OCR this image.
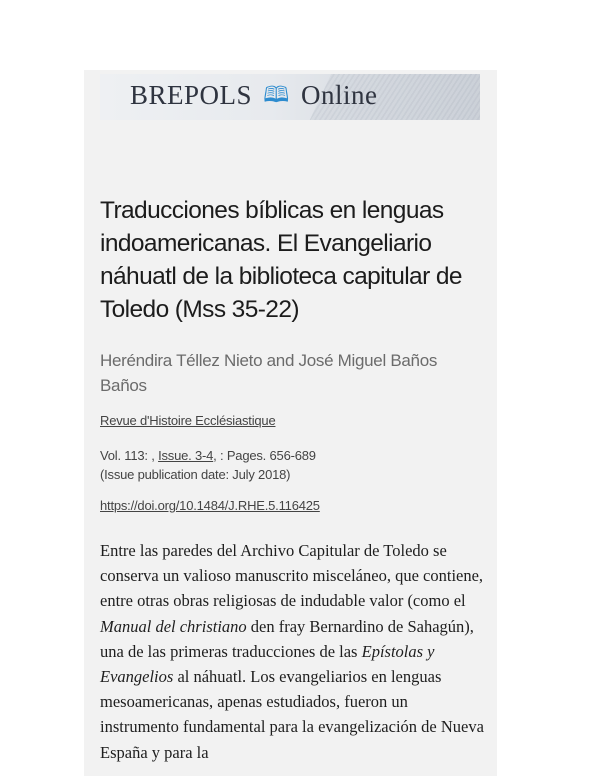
BREPOLS 🕮 Online
Traducciones bíblicas en lenguas indoamericanas. El Evangeliario náhuatl de la biblioteca capitular de Toledo (Mss 35-22)
Heréndira Téllez Nieto and José Miguel Baños Baños
Revue d'Histoire Ecclésiastique
Vol. 113: , Issue. 3-4, : Pages. 656-689
(Issue publication date: July 2018)
https://doi.org/10.1484/J.RHE.5.116425
Entre las paredes del Archivo Capitular de Toledo se conserva un valioso manuscrito misceláneo, que contiene, entre otras obras religiosas de indudable valor (como el Manual del christiano den fray Bernardino de Sahagún), una de las primeras traducciones de las Epístolas y Evangelios al náhuatl. Los evangeliarios en lenguas mesoamericanas, apenas estudiados, fueron un instrumento fundamental para la evangelización de Nueva España y para la
